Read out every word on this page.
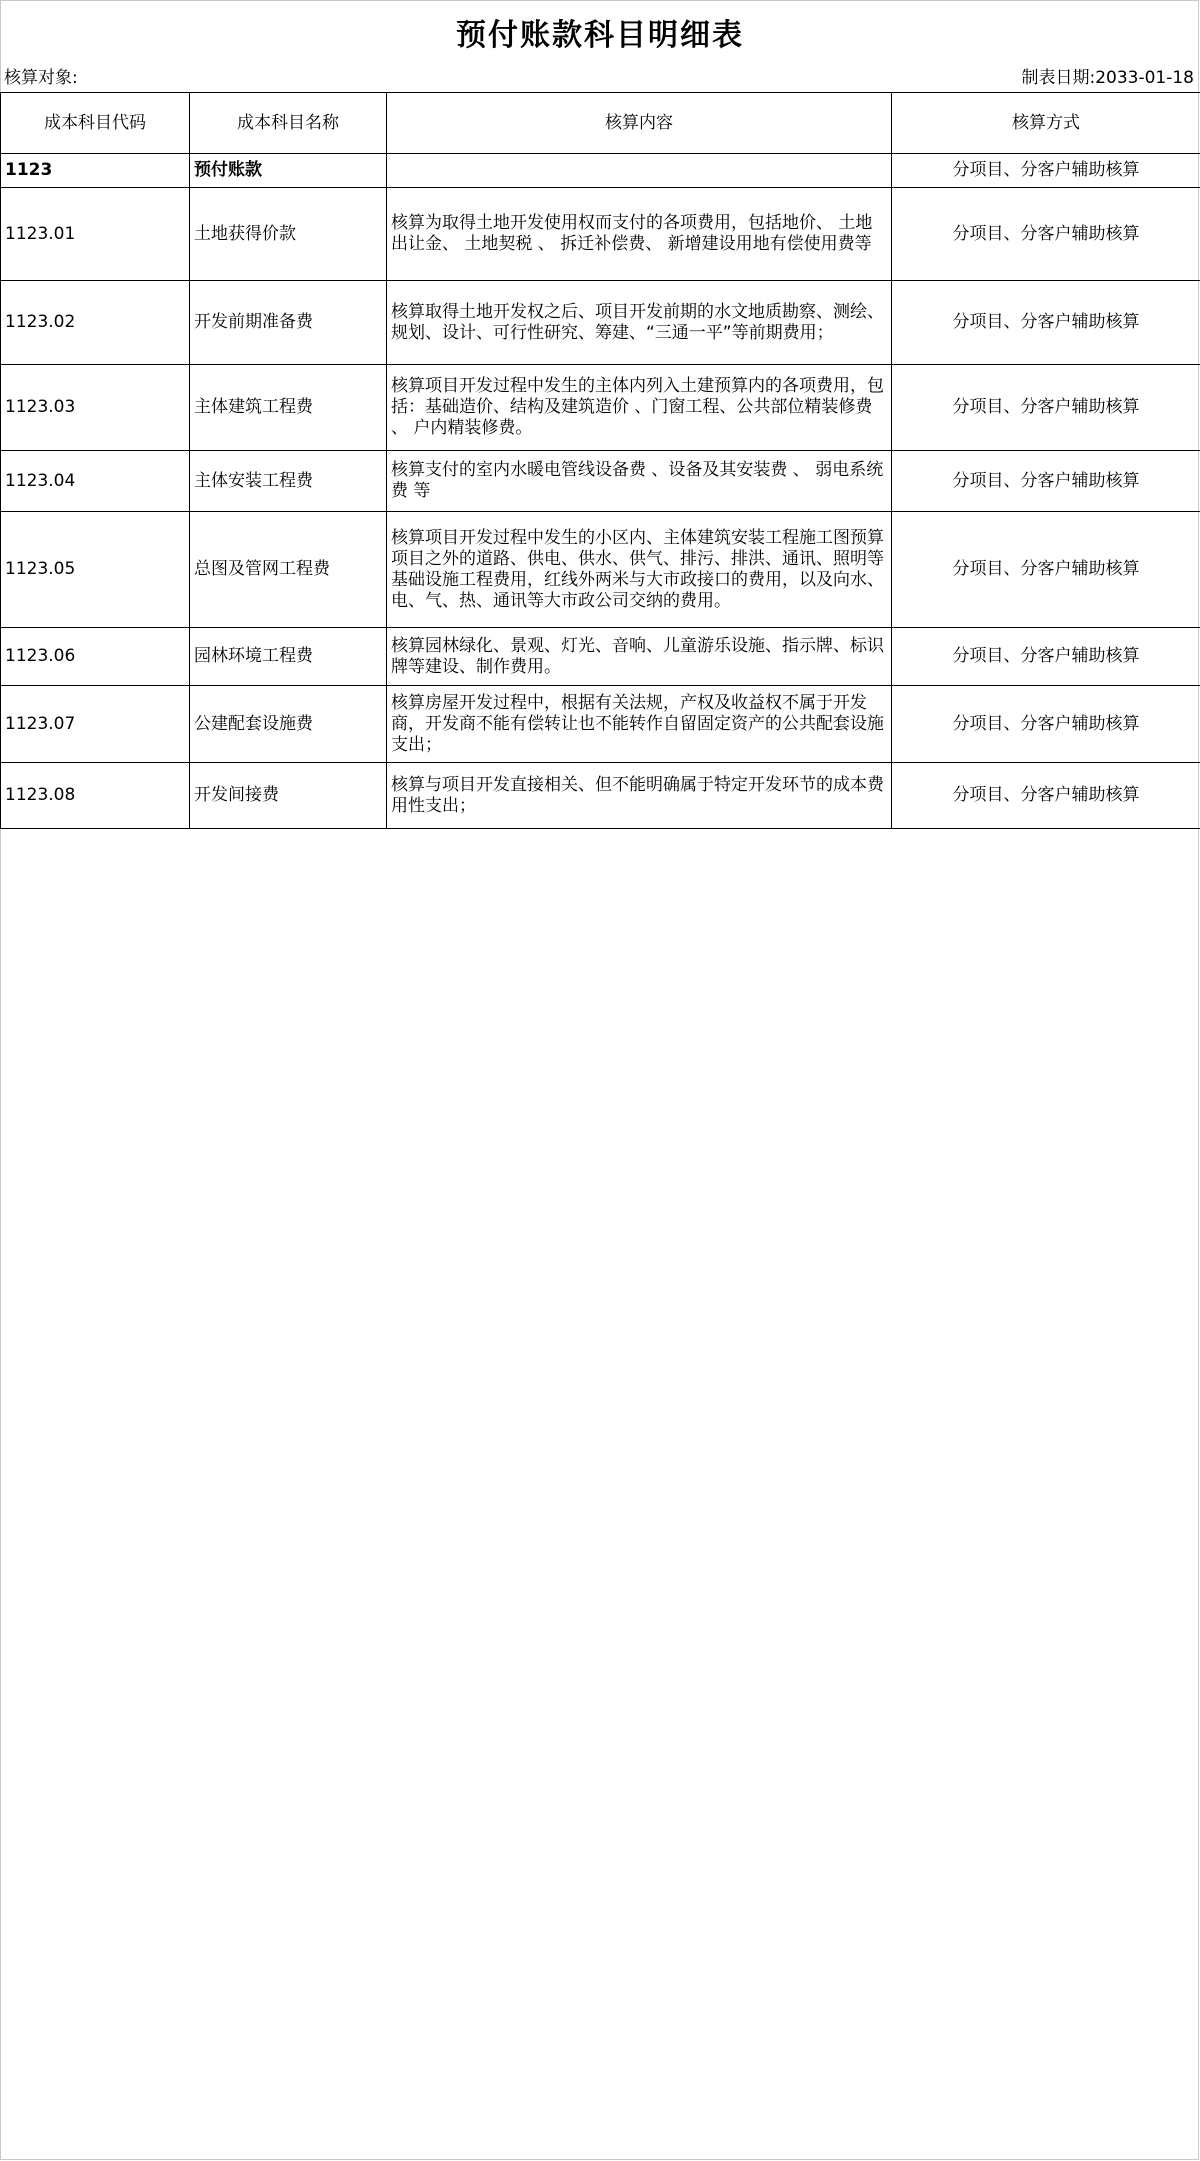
预付账款科目明细表
核算对象:	制表日期:2033-01-18
成本科目代码	成本科目名称	核算内容	核算方式
1123	预付账款		分项目、分客户辅助核算
1123.01	土地获得价款	核算为取得土地开发使用权而支付的各项费用，包括地价、 土地出让金、 土地契税 、 拆迁补偿费、 新增建设用地有偿使用费等	分项目、分客户辅助核算
1123.02	开发前期准备费	核算取得土地开发权之后、项目开发前期的水文地质勘察、测绘、规划、设计、可行性研究、筹建、“三通一平”等前期费用；	分项目、分客户辅助核算
1123.03	主体建筑工程费	核算项目开发过程中发生的主体内列入土建预算内的各项费用，包括：基础造价、结构及建筑造价 、门窗工程、公共部位精装修费 、 户内精装修费。	分项目、分客户辅助核算
1123.04	主体安装工程费	核算支付的室内水暖电管线设备费 、设备及其安装费 、 弱电系统费 等	分项目、分客户辅助核算
1123.05	总图及管网工程费	核算项目开发过程中发生的小区内、主体建筑安装工程施工图预算项目之外的道路、供电、供水、供气、排污、排洪、通讯、照明等基础设施工程费用，红线外两米与大市政接口的费用，以及向水、电、气、热、通讯等大市政公司交纳的费用。	分项目、分客户辅助核算
1123.06	园林环境工程费	核算园林绿化、景观、灯光、音响、儿童游乐设施、指示牌、标识牌等建设、制作费用。	分项目、分客户辅助核算
1123.07	公建配套设施费	核算房屋开发过程中，根据有关法规，产权及收益权不属于开发商，开发商不能有偿转让也不能转作自留固定资产的公共配套设施支出；	分项目、分客户辅助核算
1123.08	开发间接费	核算与项目开发直接相关、但不能明确属于特定开发环节的成本费用性支出；	分项目、分客户辅助核算
